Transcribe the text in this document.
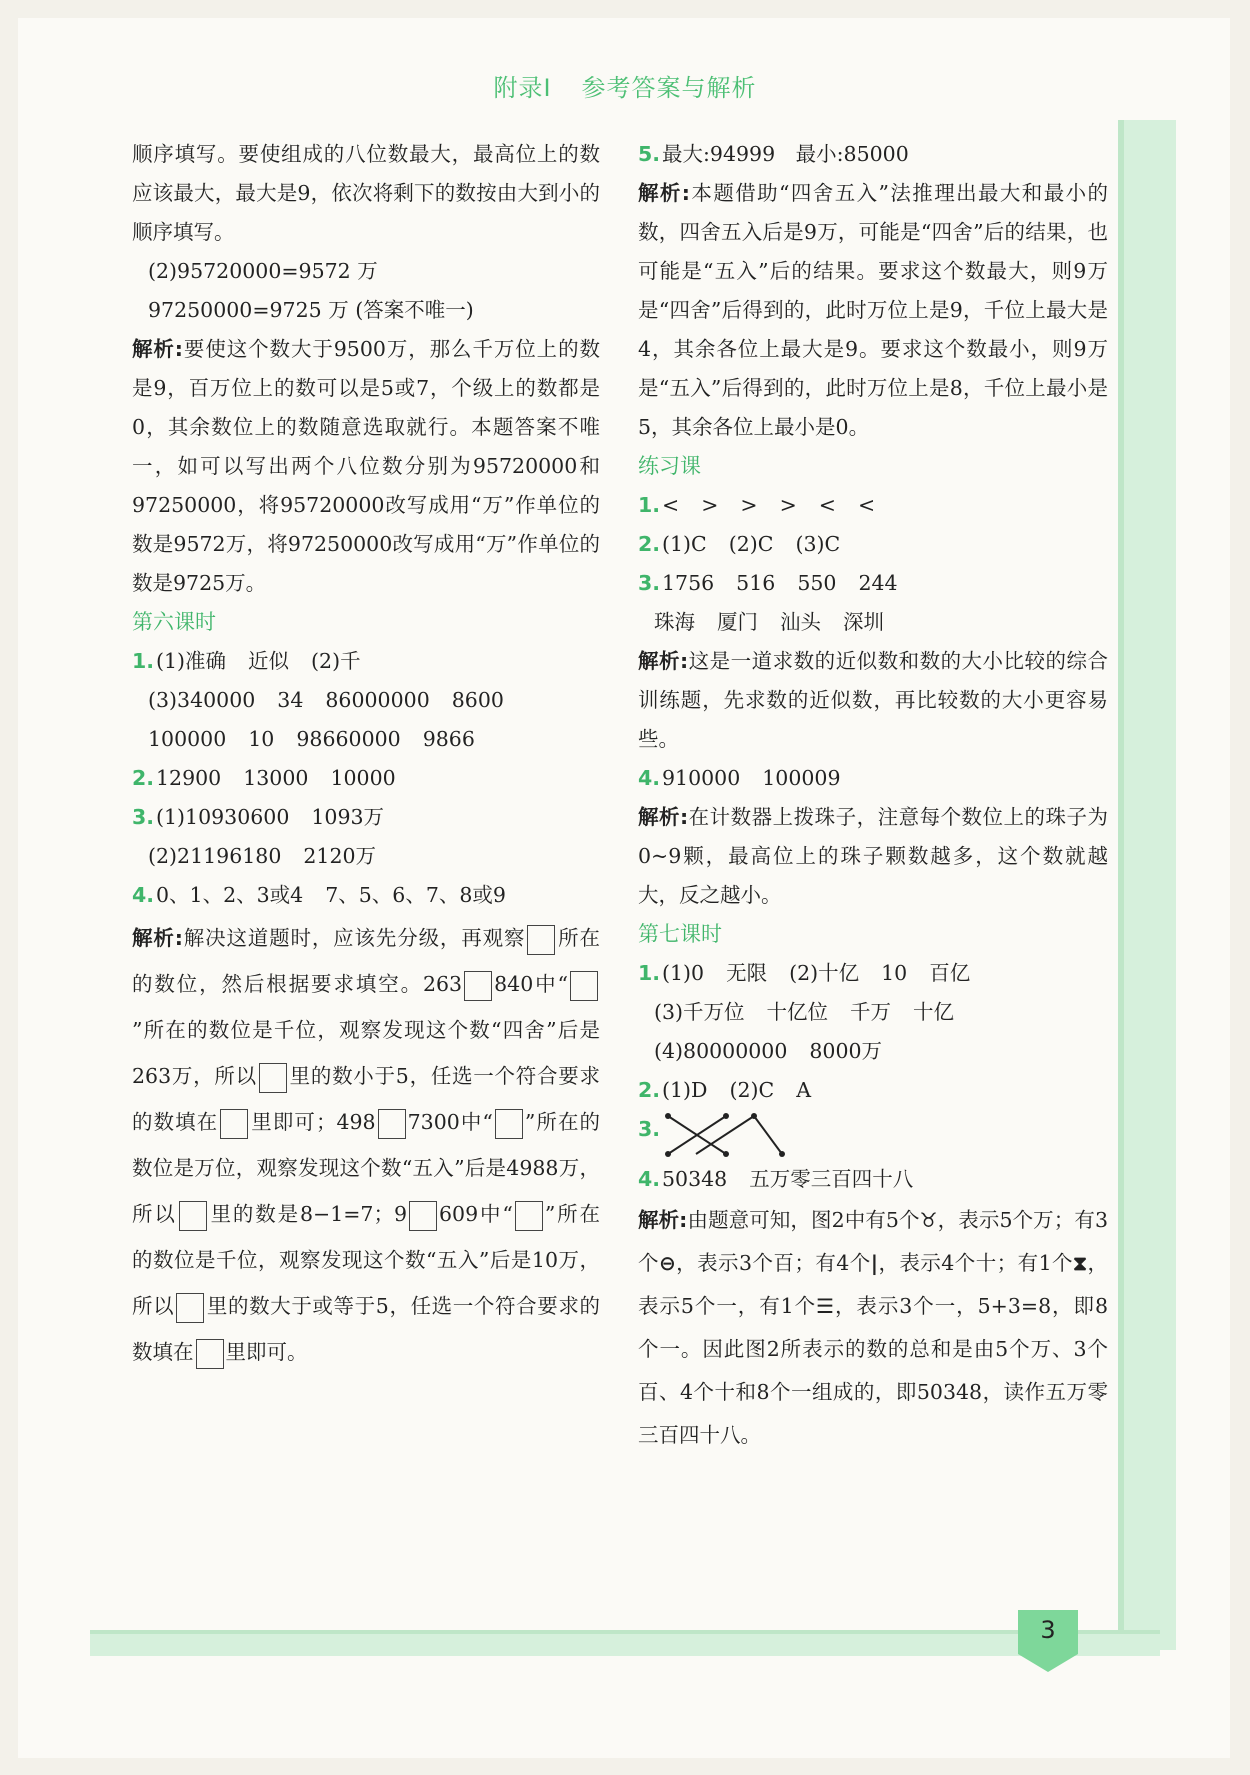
附录Ⅰ 参考答案与解析

顺序填写。要使组成的八位数最大，最高位上的数应该最大，最大是9，依次将剩下的数按由大到小的顺序填写。

(2)95720000=9572 万

97250000=9725 万 (答案不唯一)

解析:要使这个数大于9500万，那么千万位上的数是9，百万位上的数可以是5或7，个级上的数都是0，其余数位上的数随意选取就行。本题答案不唯一，如可以写出两个八位数分别为95720000和97250000，将95720000改写成用“万”作单位的数是9572万，将97250000改写成用“万”作单位的数是9725万。

第六课时

1.(1)准确 近似 (2)千

(3)340000 34 86000000 8600

100000 10 98660000 9866

2.12900 13000 10000

3.(1)10930600 1093万

(2)21196180 2120万

4.0、1、2、3或4 7、5、6、7、8或9

解析:解决这道题时，应该先分级，再观察 所在的数位，然后根据要求填空。263 840中“”所在的数位是千位，观察发现这个数“四舍”后是263万，所以 里的数小于5，任选一个符合要求的数填在 里即可；498 7300中“ ”所在的数位是万位，观察发现这个数“五入”后是4988万，所以 里的数是8−1=7；9 609中“ ”所在的数位是千位，观察发现这个数“五入”后是10万，所以 里的数大于或等于5，任选一个符合要求的数填在 里即可。

5.最大:94999　最小:85000

解析:本题借助“四舍五入”法推理出最大和最小的数，四舍五入后是9万，可能是“四舍”后的结果，也可能是“五入”后的结果。要求这个数最大，则9万是“四舍”后得到的，此时万位上是9，千位上最大是4，其余各位上最大是9。要求这个数最小，则9万是“五入”后得到的，此时万位上是8，千位上最小是5，其余各位上最小是0。

练习课

1.< > > > < <

2.(1)C (2)C (3)C

3.1756 516 550 244

珠海 厦门 汕头 深圳

解析:这是一道求数的近似数和数的大小比较的综合训练题，先求数的近似数，再比较数的大小更容易些。

4.910000 100009

解析:在计数器上拨珠子，注意每个数位上的珠子为0~9颗，最高位上的珠子颗数越多，这个数就越大，反之越小。

第七课时

1.(1)0 无限 (2)十亿 10 百亿

(3)千万位 十亿位 千万 十亿

(4)80000000 8000万

2.(1)D (2)C A

3.

4.50348 五万零三百四十八

解析:由题意可知，图2中有5个♉，表示5个万；有3个⊖，表示3个百；有4个|，表示4个十；有1个⧗，表示5个一，有1个☰，表示3个一，5+3=8，即8个一。因此图2所表示的数的总和是由5个万、3个百、4个十和8个一组成的，即50348，读作五万零三百四十八。
3
